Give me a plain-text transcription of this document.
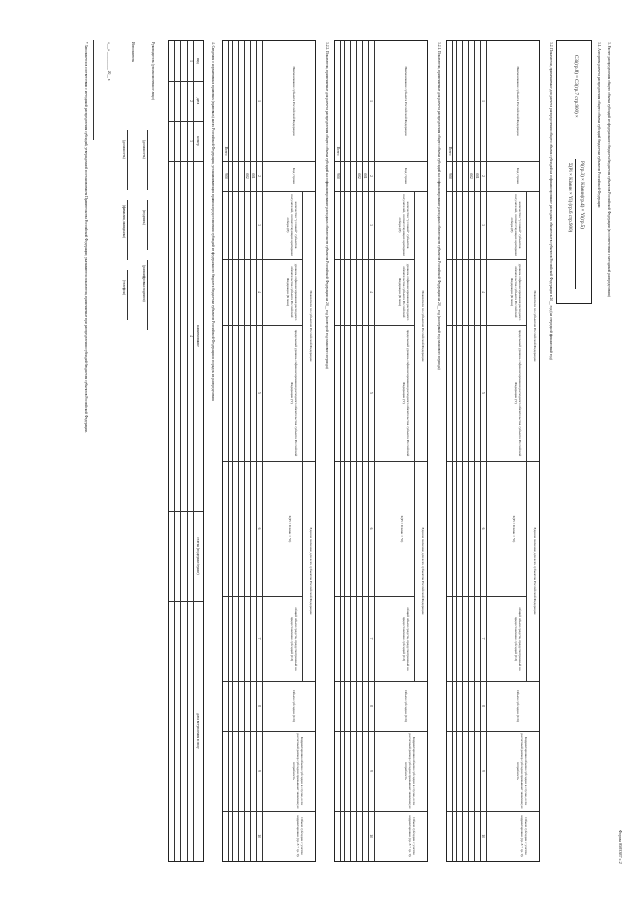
Форма 0503387 с.2
3. Расчет распределения общего объема субсидий из федерального бюджета бюджетам субъектов Российской Федерации (в соответствии с методикой распределения)
3.1. Алгоритм расчета распределения общего объема субсидий бюджетам субъектов Российской Федерации
C3i(гр.8) = C3(гр.7 стр.900) ×
Pi(гр.3) × Kiмин(гр.4) × Yi(гр.5)
Σ(Pi × Kiмин × Yi) (гр.6 стр.900)
3.2. Показатели, применяемые для расчета распределения общего объема субсидий на софинансирование расходных обязательств субъектов Российской Федерации в 20__ год (на очередной финансовый год)
Наименование субъекта Российской Федерации
Код строки
Показатели по субъектам Российской Федерации
количество "условий" субъектов получателей, соответствующих критериям отбора (P)
уровень софинансирования расходного обязательства субъекта Российской Федерации (K мин)
предельный уровень софинансирования расходного обязательства субъекта Российской Федерации (Y)
Единое значение для всех субъектов Российской Федерации
Σ(Pi × Kiмин × Yi)
общий объем средств, предусмотренный на предоставление субсидий (C3)
Объем субсидии (C3i)
Корректировка объема субсидии в случае, если расчетный размер субсидии превышает заявленную потребность
Объем субсидии с учетом корректировки (гр. 8 + гр. 9)
1
2
3
4
5
6
7
8
9
10
001
002
Всего
900
3.2.1. Показатели, применяемые для расчета распределения общего объема субсидий на софинансирование расходных обязательств субъектов Российской Федерации на 20__ год (на первый год планового периода)
Наименование субъекта Российской Федерации
Код строки
Показатели по субъектам Российской Федерации
количество "условий" субъектов получателей, соответствующих критериям отбора (P)
уровень софинансирования расходного обязательства субъекта Российской Федерации (K мин)
предельный уровень софинансирования расходного обязательства субъекта Российской Федерации (Y)
Единое значение для всех субъектов Российской Федерации
Σ(Pi × Kiмин × Yi)
общий объем средств, предусмотренный на предоставление субсидий (C3)
Объем субсидии (C3i)
Корректировка объема субсидии в случае, если расчетный размер субсидии превышает заявленную потребность
Объем субсидии с учетом корректировки (гр. 8 + гр. 9)
1
2
3
4
5
6
7
8
9
10
001
002
Всего
900
3.2.2. Показатели, применяемые для расчета распределения общего объема субсидий на софинансирование расходных обязательств субъектов Российской Федерации на 20__ год (на второй год планового периода)
Наименование субъекта Российской Федерации
Код строки
Показатели по субъектам Российской Федерации
количество "условий" субъектов получателей, соответствующих критериям отбора (P)
уровень софинансирования расходного обязательства субъекта Российской Федерации (K мин)
предельный уровень софинансирования расходного обязательства субъекта Российской Федерации (Y)
Единое значение для всех субъектов Российской Федерации
Σ(Pi × Kiмин × Yi)
общий объем средств, предусмотренный на предоставление субсидий (C3)
Объем субсидии (C3i)
Корректировка объема субсидии в случае, если расчетный размер субсидии превышает заявленную потребность
Объем субсидии с учетом корректировки (гр. 8 + гр. 9)
1
2
3
4
5
6
7
8
9
10
001
002
Всего
900
4. Сведения о нормативных правовых (правовых) актах Российской Федерации, устанавливающих правила предоставления субсидий из федерального бюджета бюджетам субъектов Российской Федерации и порядок их распределения
вид
дата
номер
наименование
статья (подпункт/пункт)
дата вступления в силу
1
2
3
4
Руководитель (уполномоченное лицо)
(должность)
(подпись)
(расшифровка подписи)
Исполнитель
(должность)
(фамилия, инициалы)
(телефон)
«___» __________ 20__ г.
* Заполняется в соответствии с методикой распределения субсидий, утвержденной постановлением Правительства Российской Федерации; указываются показатели, применяемые при распределении субсидий бюджетам субъектов Российской Федерации.
